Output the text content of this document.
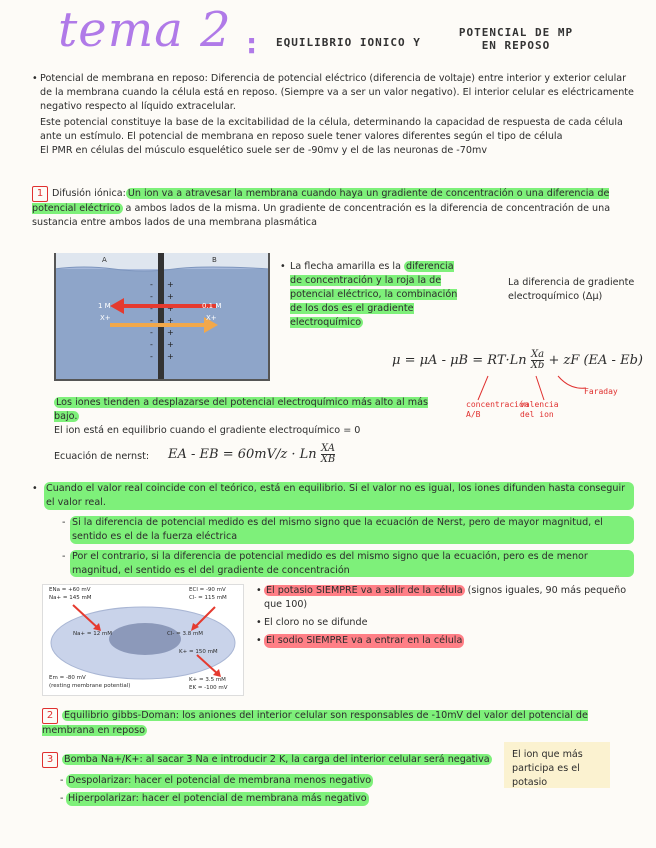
tema 2 : EQUILIBRIO IONICO Y
POTENCIAL DE MP
EN REPOSO
• Potencial de membrana en reposo: Diferencia de potencial eléctrico (diferencia de voltaje) entre interior y exterior celular de la membrana cuando la célula está en reposo. (Siempre va a ser un valor negativo). El interior celular es eléctricamente negativo respecto al líquido extracelular.
Este potencial constituye la base de la excitabilidad de la célula, determinando la capacidad de respuesta de cada célula ante un estímulo. El potencial de membrana en reposo suele tener valores diferentes según el tipo de célula
El PMR en células del músculo esquelético suele ser de -90mv y el de las neuronas de -70mv
1 Difusión iónica: Un ion va a atravesar la membrana cuando haya un gradiente de concentración o una diferencia de potencial eléctrico a ambos lados de la misma. Un gradiente de concentración es la diferencia de concentración de una sustancia entre ambos lados de una membrana plasmática
-
-
-
-
-
-
-
+
+
+
+
+
+
+
A	B
1 M
X+
0.1 M
X+
• La flecha amarilla es la diferencia de concentración y la roja la de potencial eléctrico, la combinación de los dos es el gradiente electroquímico
La diferencia de gradiente electroquímico (Δμ)
$\mu = \mu A - \mu B = RT\cdot Ln \frac{Xa}{Xb}$ + zF (EA - Eb)
concentración A/B
valencia del ion
Faraday
Los iones tienden a desplazarse del potencial electroquímico más alto al más bajo.
El ion está en equilibrio cuando el gradiente electroquímico = 0
Ecuación de nernst: EA - EB = 60mV/z · Ln $\frac{XA}{XB}$
• Cuando el valor real coincide con el teórico, está en equilibrio. Si el valor no es igual, los iones difunden hasta conseguir el valor real.
- Si la diferencia de potencial medido es del mismo signo que la ecuación de Nerst, pero de mayor magnitud, el sentido es el de la fuerza eléctrica
- Por el contrario, si la diferencia de potencial medido es del mismo signo que la ecuación, pero es de menor magnitud, el sentido es el del gradiente de concentración
ENa = +60 mV
Na+ = 145 mM
Na+ = 12 mM
ECl = -90 mV
Cl- = 115 mM
Cl- = 3.8 mM
K+ = 150 mM
K+ = 3.5 mM
EK = -100 mV
Em = -80 mV
(resting membrane potential)
• El potasio SIEMPRE va a salir de la célula (signos iguales, 90 más pequeño que 100)
• El cloro no se difunde
• El sodio SIEMPRE va a entrar en la célula
2 Equilibrio gibbs-Doman: los aniones del interior celular son responsables de -10mV del valor del potencial de membrana en reposo
3 Bomba Na+/K+: al sacar 3 Na e introducir 2 K, la carga del interior celular será negativa
- Despolarizar: hacer el potencial de membrana menos negativo
- Hiperpolarizar: hacer el potencial de membrana más negativo
El ion que más participa es el potasio
